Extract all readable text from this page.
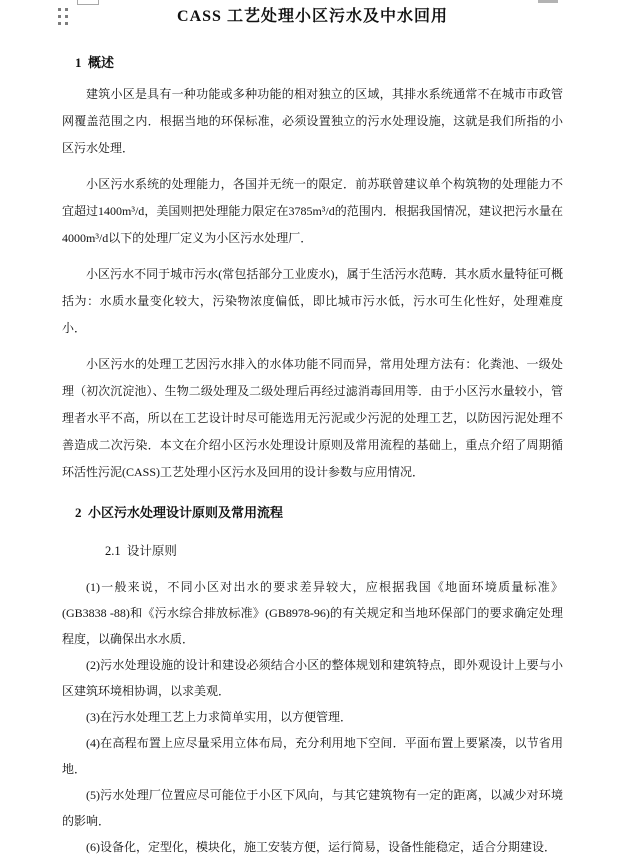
CASS 工艺处理小区污水及中水回用
1  概述

建筑小区是具有一种功能或多种功能的相对独立的区域，其排水系统通常不在城市市政管网覆盖范围之内．根据当地的环保标准，必须设置独立的污水处理设施，这就是我们所指的小区污水处理．

小区污水系统的处理能力，各国并无统一的限定．前苏联曾建议单个构筑物的处理能力不宜超过1400m³/d，美国则把处理能力限定在3785m³/d的范围内．根据我国情况，建议把污水量在4000m³/d以下的处理厂定义为小区污水处理厂．

小区污水不同于城市污水(常包括部分工业废水)，属于生活污水范畴．其水质水量特征可概括为：水质水量变化较大，污染物浓度偏低，即比城市污水低，污水可生化性好，处理难度小．

小区污水的处理工艺因污水排入的水体功能不同而异，常用处理方法有：化粪池、一级处理（初次沉淀池）、生物二级处理及二级处理后再经过滤消毒回用等．由于小区污水量较小，管理者水平不高，所以在工艺设计时尽可能选用无污泥或少污泥的处理工艺，以防因污泥处理不善造成二次污染．本文在介绍小区污水处理设计原则及常用流程的基础上，重点介绍了周期循环活性污泥(CASS)工艺处理小区污水及回用的设计参数与应用情况．

2  小区污水处理设计原则及常用流程
2.1  设计原则

(1)一般来说，不同小区对出水的要求差异较大，应根据我国《地面环境质量标准》(GB3838 -88)和《污水综合排放标准》(GB8978-96)的有关规定和当地环保部门的要求确定处理程度，以确保出水水质．

(2)污水处理设施的设计和建设必须结合小区的整体规划和建筑特点，即外观设计上要与小区建筑环境相协调，以求美观．

(3)在污水处理工艺上力求简单实用，以方便管理．

(4)在高程布置上应尽量采用立体布局，充分利用地下空间．平面布置上要紧凑，以节省用地．

(5)污水处理厂位置应尽可能位于小区下风向，与其它建筑物有一定的距离，以减少对环境的影响．

(6)设备化，定型化，模块化，施工安装方便，运行简易，设备性能稳定，适合分期建设．
